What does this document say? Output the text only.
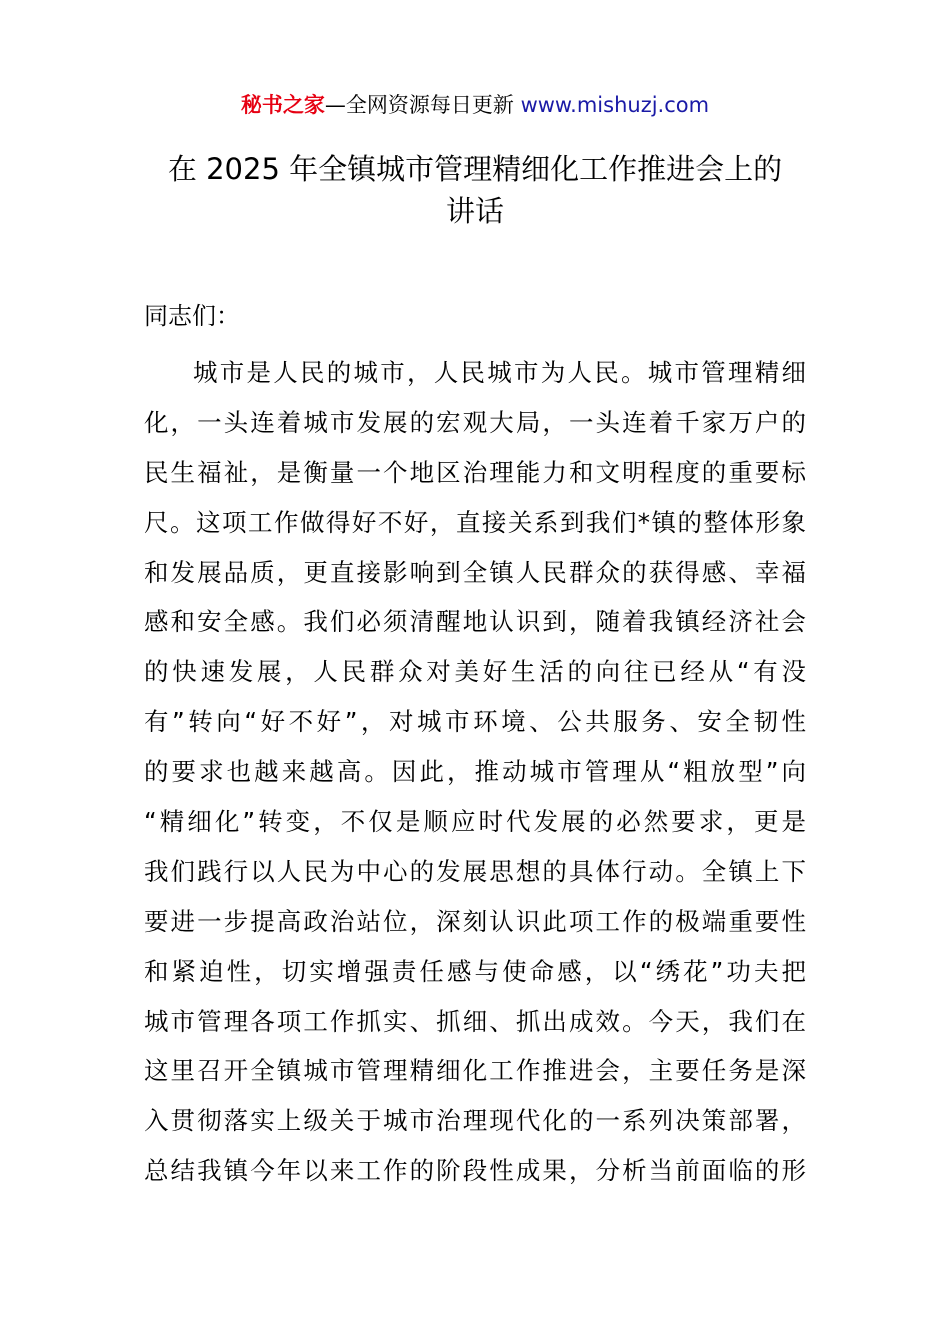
秘书之家—全网资源每日更新 www.mishuzj.com
在 2025 年全镇城市管理精细化工作推进会上的
讲话

同志们：

城市是人民的城市，人民城市为人民。城市管理精细
化，一头连着城市发展的宏观大局，一头连着千家万户的
民生福祉，是衡量一个地区治理能力和文明程度的重要标
尺。这项工作做得好不好，直接关系到我们*镇的整体形象
和发展品质，更直接影响到全镇人民群众的获得感、幸福
感和安全感。我们必须清醒地认识到，随着我镇经济社会
的快速发展，人民群众对美好生活的向往已经从“有没
有”转向“好不好”，对城市环境、公共服务、安全韧性
的要求也越来越高。因此，推动城市管理从“粗放型”向
“精细化”转变，不仅是顺应时代发展的必然要求，更是
我们践行以人民为中心的发展思想的具体行动。全镇上下
要进一步提高政治站位，深刻认识此项工作的极端重要性
和紧迫性，切实增强责任感与使命感，以“绣花”功夫把
城市管理各项工作抓实、抓细、抓出成效。今天，我们在
这里召开全镇城市管理精细化工作推进会，主要任务是深
入贯彻落实上级关于城市治理现代化的一系列决策部署，
总结我镇今年以来工作的阶段性成果，分析当前面临的形
